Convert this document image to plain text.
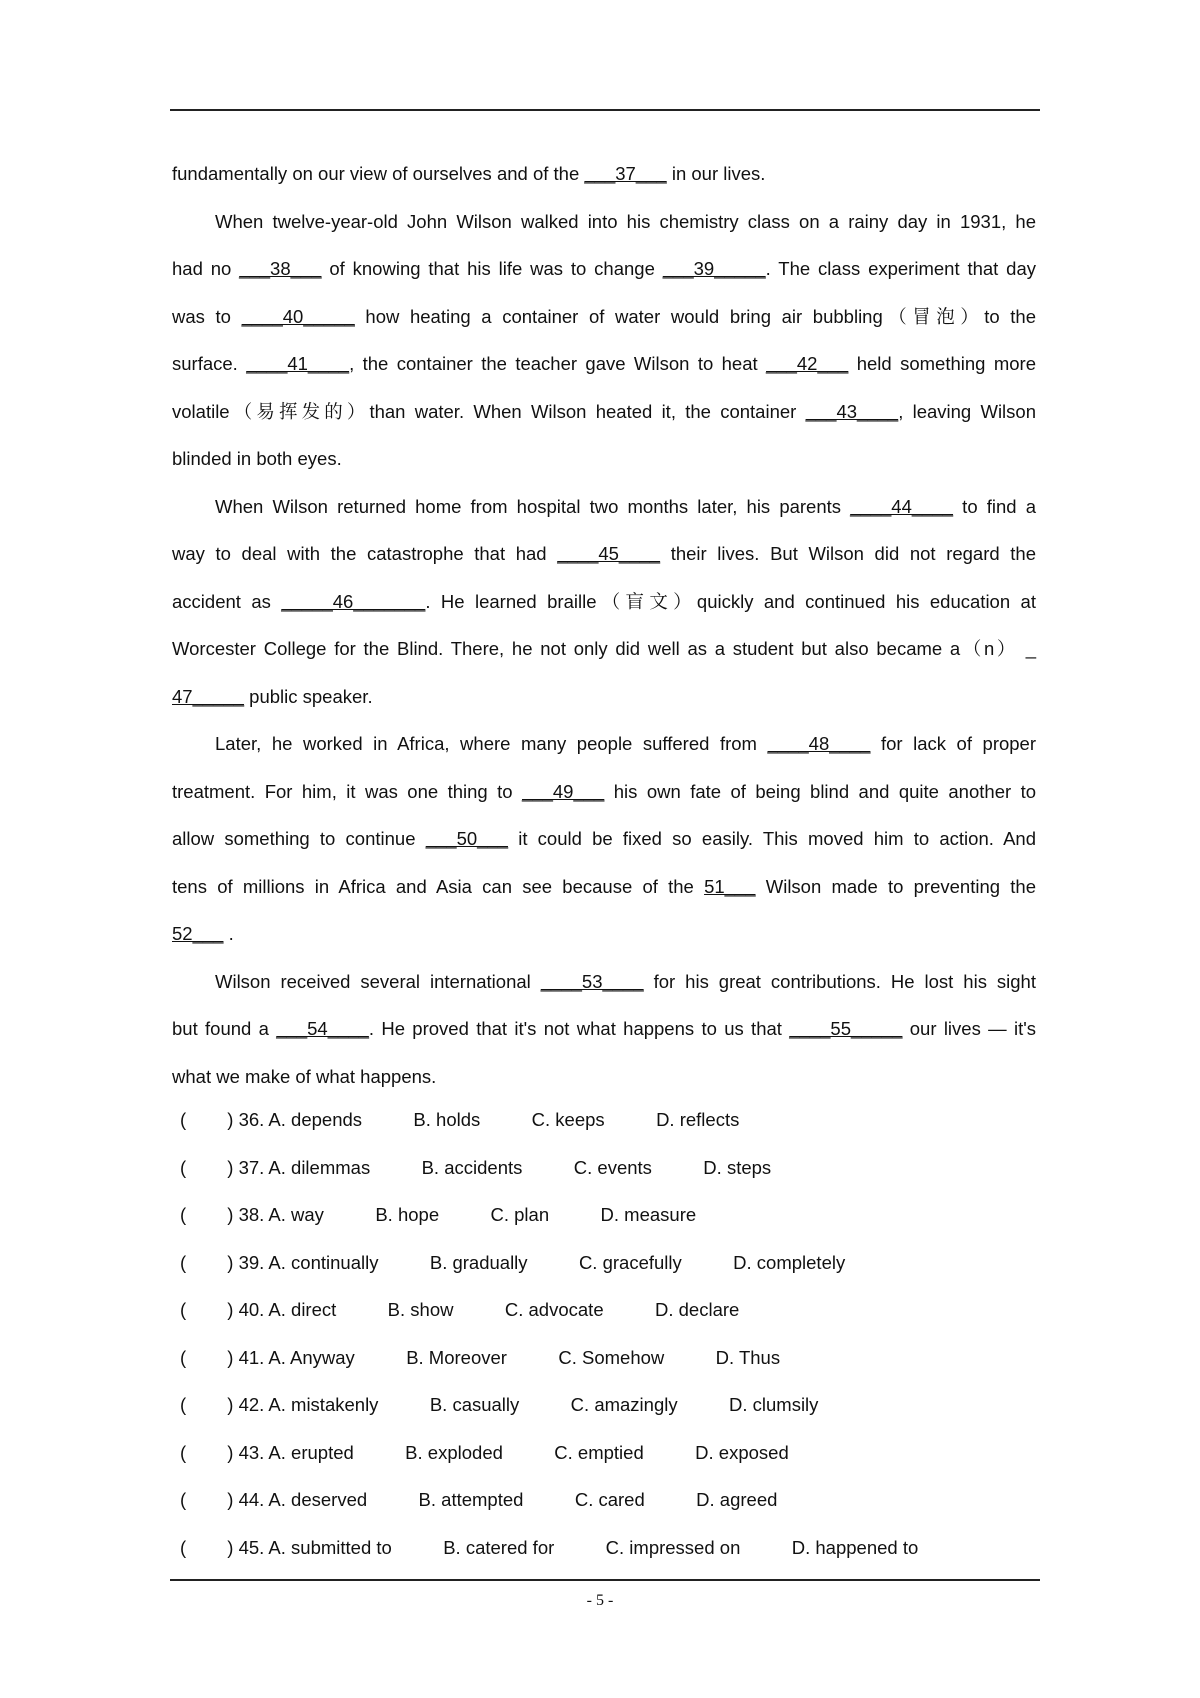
fundamentally on our view of ourselves and of the ___37___ in our lives.
When twelve-year-old John Wilson walked into his chemistry class on a rainy day in 1931, he
had no ___38___ of knowing that his life was to change ___39_____. The class experiment that day
was to ____40_____ how heating a container of water would bring air bubbling（冒泡）to the
surface. ____41____, the container the teacher gave Wilson to heat ___42___ held something more
volatile（易挥发的）than water. When Wilson heated it, the container ___43____, leaving Wilson
blinded in both eyes.
When Wilson returned home from hospital two months later, his parents ____44____ to find a
way to deal with the catastrophe that had ____45____ their lives. But Wilson did not regard the
accident as _____46_______. He learned braille（盲文）quickly and continued his education at
Worcester College for the Blind. There, he not only did well as a student but also became a（n） _
47_____ public speaker.
Later, he worked in Africa, where many people suffered from ____48____ for lack of proper
treatment. For him, it was one thing to ___49___ his own fate of being blind and quite another to
allow something to continue ___50___ it could be fixed so easily. This moved him to action. And
tens of millions in Africa and Asia can see because of the 51___ Wilson made to preventing the
52___ .
Wilson received several international ____53____ for his great contributions. He lost his sight
but found a ___54____. He proved that it's not what happens to us that ____55_____ our lives — it's
what we make of what happens.
(        ) 36. A. depends          B. holds          C. keeps          D. reflects
(        ) 37. A. dilemmas          B. accidents          C. events          D. steps
(        ) 38. A. way          B. hope          C. plan          D. measure
(        ) 39. A. continually          B. gradually          C. gracefully          D. completely
(        ) 40. A. direct          B. show          C. advocate          D. declare
(        ) 41. A. Anyway          B. Moreover          C. Somehow          D. Thus
(        ) 42. A. mistakenly          B. casually          C. amazingly          D. clumsily
(        ) 43. A. erupted          B. exploded          C. emptied          D. exposed
(        ) 44. A. deserved          B. attempted          C. cared          D. agreed
(        ) 45. A. submitted to          B. catered for          C. impressed on          D. happened to
- 5 -
